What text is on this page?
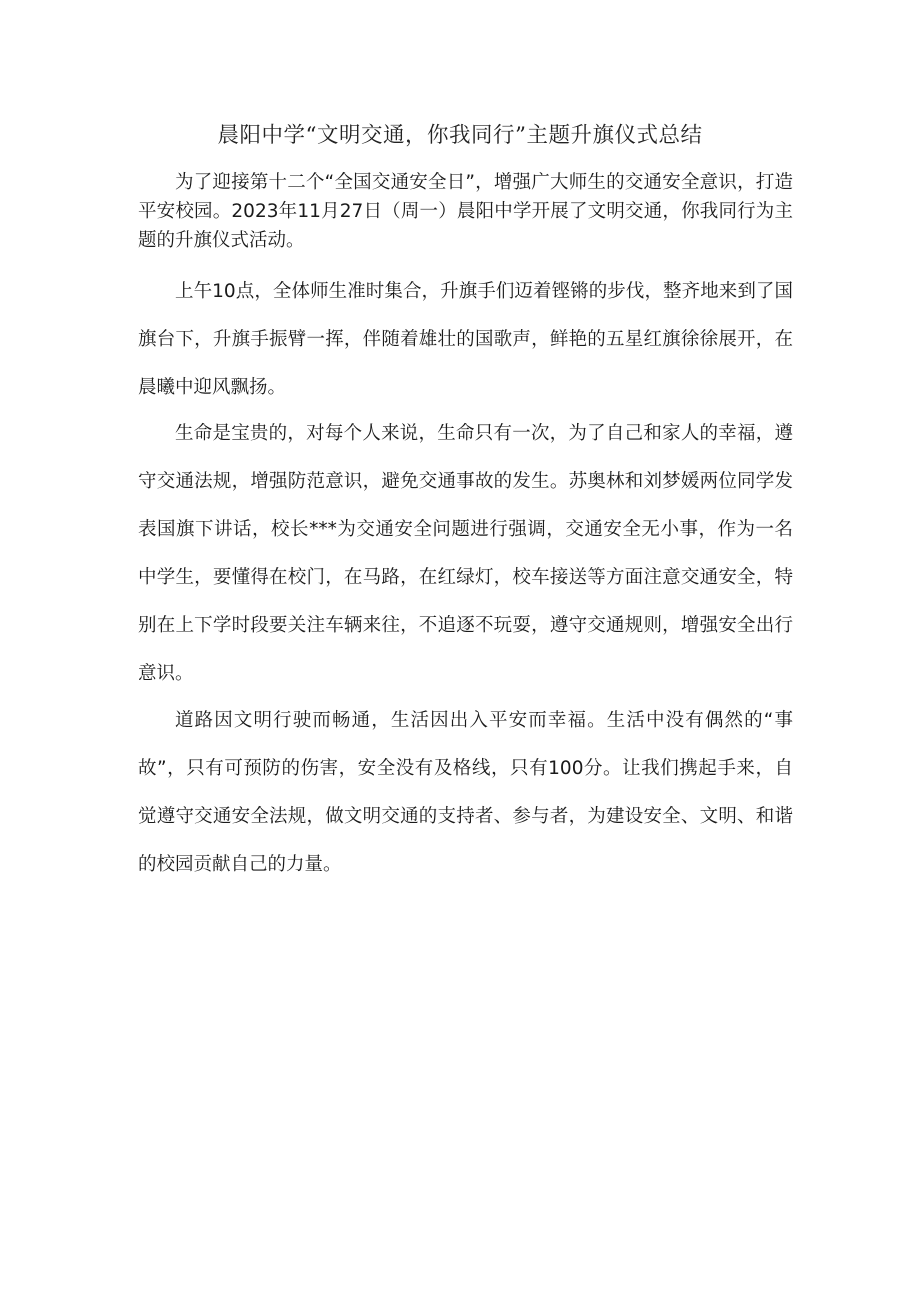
晨阳中学“文明交通，你我同行”主题升旗仪式总结

为了迎接第十二个“全国交通安全日”，增强广大师生的交通安全意识，打造平安校园。2023年11月27日（周一）晨阳中学开展了文明交通，你我同行为主题的升旗仪式活动。

上午10点，全体师生准时集合，升旗手们迈着铿锵的步伐，整齐地来到了国旗台下，升旗手振臂一挥，伴随着雄壮的国歌声，鲜艳的五星红旗徐徐展开，在晨曦中迎风飘扬。

生命是宝贵的，对每个人来说，生命只有一次，为了自己和家人的幸福，遵守交通法规，增强防范意识，避免交通事故的发生。苏奥林和刘梦媛两位同学发表国旗下讲话，校长***为交通安全问题进行强调，交通安全无小事，作为一名中学生，要懂得在校门，在马路，在红绿灯，校车接送等方面注意交通安全，特别在上下学时段要关注车辆来往，不追逐不玩耍，遵守交通规则，增强安全出行意识。

道路因文明行驶而畅通，生活因出入平安而幸福。生活中没有偶然的“事故”，只有可预防的伤害，安全没有及格线，只有100分。让我们携起手来，自觉遵守交通安全法规，做文明交通的支持者、参与者，为建设安全、文明、和谐的校园贡献自己的力量。
